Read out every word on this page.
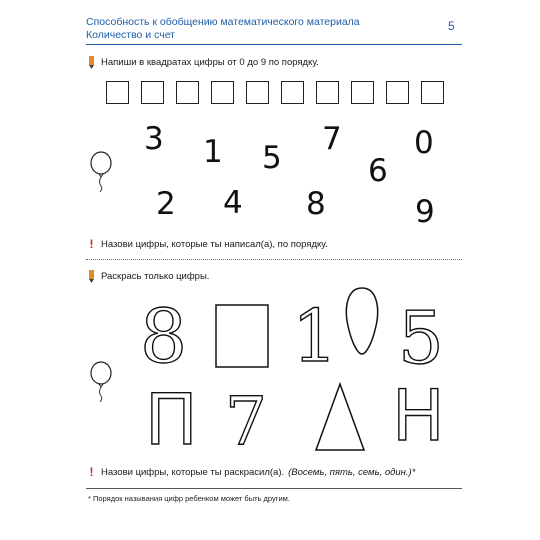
Способность к обобщению математического материала
Количество и счет
5
Напиши в квадратах цифры от 0 до 9 по порядку.
3 1 5
7
6
0
2 4 8	9
! Назови цифры, которые ты написал(а), по порядку.
Раскрась только цифры.
8 1 5
П 7 Н
! Назови цифры, которые ты раскрасил(а). (Восемь, пять, семь, один.)*
* Порядок называния цифр ребенком может быть другим.
